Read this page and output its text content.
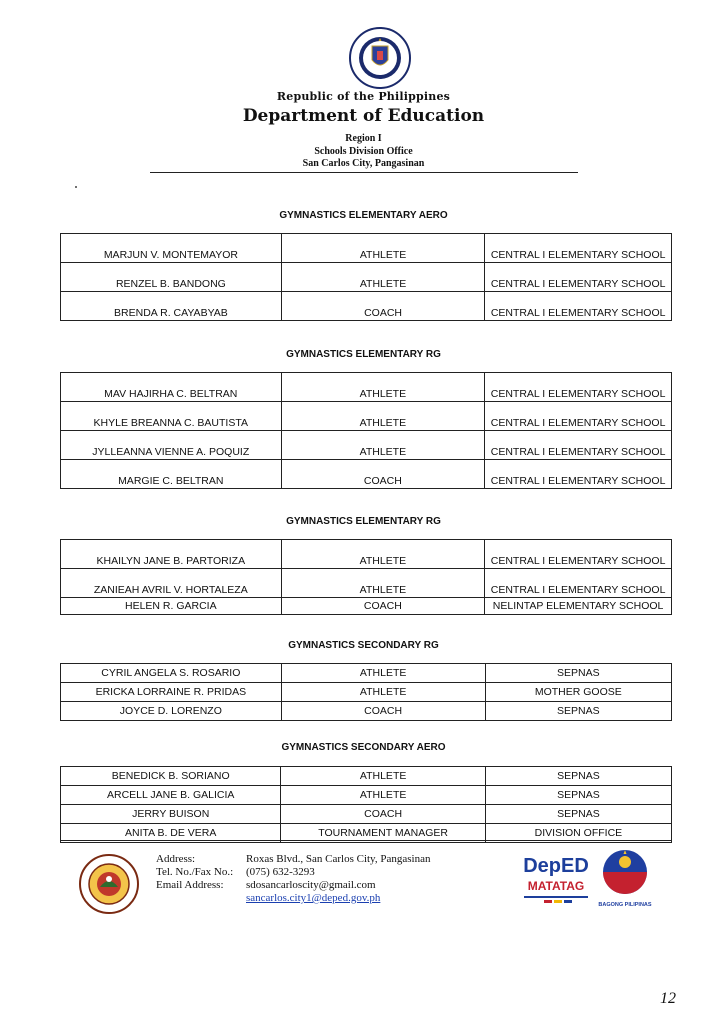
Republic of the Philippines
Department of Education
Region I
Schools Division Office
San Carlos City, Pangasinan
GYMNASTICS ELEMENTARY AERO
MARJUN V. MONTEMAYOR	ATHLETE	CENTRAL I ELEMENTARY SCHOOL
RENZEL B. BANDONG	ATHLETE	CENTRAL I ELEMENTARY SCHOOL
BRENDA R. CAYABYAB	COACH	CENTRAL I ELEMENTARY SCHOOL
GYMNASTICS ELEMENTARY RG
MAV HAJIRHA C. BELTRAN	ATHLETE	CENTRAL I ELEMENTARY SCHOOL
KHYLE BREANNA C. BAUTISTA	ATHLETE	CENTRAL I ELEMENTARY SCHOOL
JYLLEANNA VIENNE A. POQUIZ	ATHLETE	CENTRAL I ELEMENTARY SCHOOL
MARGIE C. BELTRAN	COACH	CENTRAL I ELEMENTARY SCHOOL
GYMNASTICS ELEMENTARY RG
KHAILYN JANE B. PARTORIZA	ATHLETE	CENTRAL I ELEMENTARY SCHOOL
ZANIEAH AVRIL V. HORTALEZA	ATHLETE	CENTRAL I ELEMENTARY SCHOOL
HELEN R. GARCIA	COACH	NELINTAP ELEMENTARY SCHOOL
GYMNASTICS SECONDARY RG
CYRIL ANGELA S. ROSARIO	ATHLETE	SEPNAS
ERICKA LORRAINE R. PRIDAS	ATHLETE	MOTHER GOOSE
JOYCE D. LORENZO	COACH	SEPNAS
GYMNASTICS SECONDARY AERO
BENEDICK B. SORIANO	ATHLETE	SEPNAS
ARCELL JANE B. GALICIA	ATHLETE	SEPNAS
JERRY BUISON	COACH	SEPNAS
ANITA B. DE VERA	TOURNAMENT MANAGER	DIVISION OFFICE
Address:
Tel. No./Fax No.:
Email Address:
Roxas Blvd., San Carlos City, Pangasinan
(075) 632-3293
sdosancarloscity@gmail.com
sancarlos.city1@deped.gov.ph
DepED
MATATAG
BAGONG PILIPINAS
12
